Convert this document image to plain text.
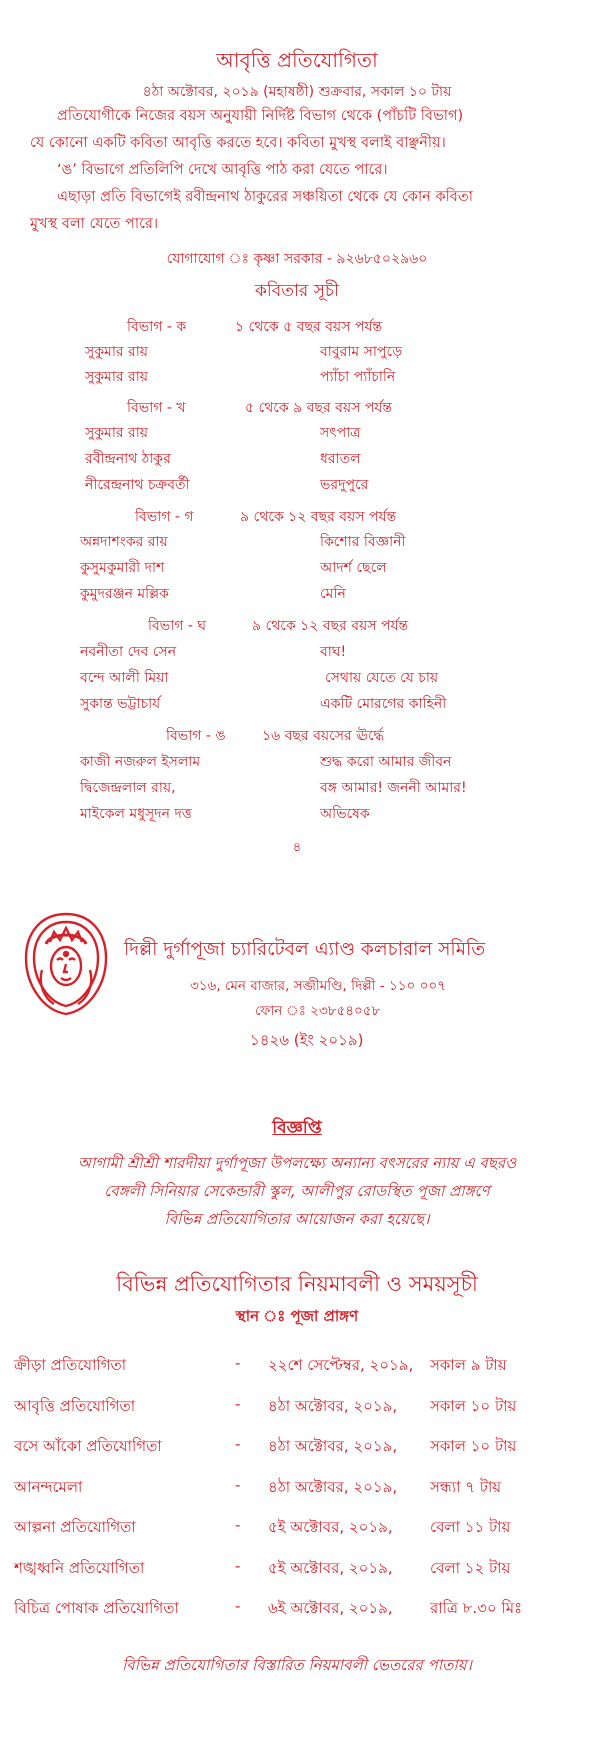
আবৃত্তি প্রতিযোগিতা
৪ঠা অক্টোবর, ২০১৯ (মহাষষ্ঠী) শুক্রবার, সকাল ১০ টায়
প্রতিযোগীকে নিজের বয়স অনুযায়ী নির্দিষ্ট বিভাগ থেকে (পাঁচটি বিভাগ)
যে কোনো একটি কবিতা আবৃত্তি করতে হবে। কবিতা মুখস্থ বলাই বাঞ্ছনীয়।
‘ঙ’ বিভাগে প্রতিলিপি দেখে আবৃত্তি পাঠ করা যেতে পারে।
এছাড়া প্রতি বিভাগেই রবীন্দ্রনাথ ঠাকুরের সঞ্চয়িতা থেকে যে কোন কবিতা
মুখস্থ বলা যেতে পারে।
যোগাযোগ ঃ কৃষ্ণা সরকার - ৯২৬৮৫০২৯৬০
কবিতার সূচী
বিভাগ - ক	১ থেকে ৫ বছর বয়স পর্যন্ত
সুকুমার রায়	বাবুরাম সাপুড়ে
সুকুমার রায়	প্যাঁচা প্যাঁচানি
বিভাগ - খ	৫ থেকে ৯ বছর বয়স পর্যন্ত
সুকুমার রায়	সৎপাত্র
রবীন্দ্রনাথ ঠাকুর	ধরাতল
নীরেন্দ্রনাথ চক্রবর্তী	ভরদুপুরে
বিভাগ - গ	৯ থেকে ১২ বছর বয়স পর্যন্ত
অন্নদাশংকর রায়	কিশোর বিজ্ঞানী
কুসুমকুমারী দাশ	আদর্শ ছেলে
কুমুদরঞ্জন মল্লিক	মেনি
বিভাগ - ঘ	৯ থেকে ১২ বছর বয়স পর্যন্ত
নবনীতা দেব সেন	বাঘ!
বন্দে আলী মিয়া	সেথায় যেতে যে চায়
সুকান্ত ভট্টাচার্য	একটি মোরগের কাহিনী
বিভাগ - ঙ	১৬ বছর বয়সের ঊর্দ্ধে
কাজী নজরুল ইসলাম	শুদ্ধ করো আমার জীবন
দ্বিজেন্দ্রলাল রায়,	বঙ্গ আমার! জননী আমার!
মাইকেল মধুসূদন দত্ত	অভিষেক
৪
দিল্লী দুর্গাপূজা চ্যারিটেবল এ্যাণ্ড কলচারাল সমিতি
৩১৬, মেন বাজার, সব্জীমণ্ডি, দিল্লী - ১১০ ০০৭
ফোন ঃ ২৩৮৫৪০৫৮
১৪২৬ (ইং ২০১৯)
বিজ্ঞপ্তি
আগামী শ্রীশ্রী শারদীয়া দুর্গাপূজা উপলক্ষ্যে অন্যান্য বৎসরের ন্যায় এ বছরও
বেঙ্গলী সিনিয়ার সেকেন্ডারী স্কুল, আলীপুর রোডস্থিত পূজা প্রাঙ্গণে
বিভিন্ন প্রতিযোগিতার আয়োজন করা হয়েছে।
বিভিন্ন প্রতিযোগিতার নিয়মাবলী ও সময়সূচী
স্থান ঃ পূজা প্রাঙ্গণ
ক্রীড়া প্রতিযোগিতা	- ২২শে সেপ্টেম্বর, ২০১৯, সকাল ৯ টায়
আবৃত্তি প্রতিযোগিতা	- ৪ঠা অক্টোবর, ২০১৯, সকাল ১০ টায়
বসে আঁকো প্রতিযোগিতা	- ৪ঠা অক্টোবর, ২০১৯, সকাল ১০ টায়
আনন্দমেলা	- ৪ঠা অক্টোবর, ২০১৯, সন্ধ্যা ৭ টায়
আল্পনা প্রতিযোগিতা	- ৫ই অক্টোবর, ২০১৯, বেলা ১১ টায়
শঙ্খধ্বনি প্রতিযোগিতা	- ৫ই অক্টোবর, ২০১৯, বেলা ১২ টায়
বিচিত্র পোষাক প্রতিযোগিতা	- ৬ই অক্টোবর, ২০১৯, রাত্রি ৮.৩০ মিঃ
বিভিন্ন প্রতিযোগিতার বিস্তারিত নিয়মাবলী ভেতরের পাতায়।
